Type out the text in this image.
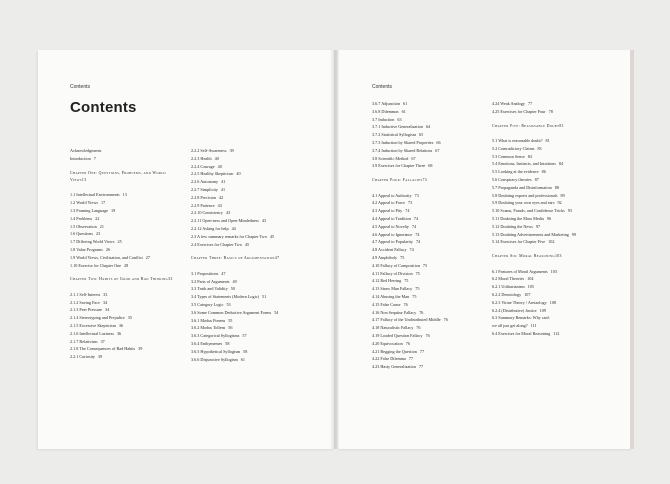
Contents	Contents
Contents
Acknowledgments
Introduction 7
Chapter One: Questions, Problems, and World Views13
1.1 Intellectual Environments 13
1.2 World Views 17
1.3 Framing Language 19
1.4 Problems 22
1.5 Observation 21
1.6 Questions 23
1.7 Differing World Views 25
1.8 Value Programs 26
1.9 World Views, Civilization, and Conflict 27
1.10 Exercise for Chapter One 28
Chapter Two: Habits of Good and Bad Thinking33
2.1.1 Self-Interest 33
2.1.2 Saving Face 34
2.1.3 Peer Pressure 34
2.1.4 Stereotyping and Prejudice 35
2.1.5 Excessive Skepticism 36
2.1.6 Intellectual Laziness 36
2.1.7 Relativism 37
2.1.8 The Consequences of Bad Habits 39
2.2.1 Curiosity 39
2.2.2 Self-Awareness 39
2.2.3 Health 40
2.2.4 Courage 40
2.2.5 Healthy Skepticism 40
2.2.6 Autonomy 41
2.2.7 Simplicity 41
2.2.8 Precision 42
2.2.9 Patience 43
2.2.10 Consistency 43
2.2.11 Open-ness and Open-Mindedness 43
2.2.12 Asking for help 44
2.3 A few summary remarks for Chapter Two 45
2.4 Exercises for Chapter Two 45
Chapter Three: Basics of Argumentation47
3.1 Propositions 47
3.2 Parts of Arguments 49
3.3 Truth and Validity 50
3.4 Types of Statements (Modern Logic) 51
3.5 Category Logic 53
3.6 Some Common Deductive Argument Forms 54
3.6.1 Modus Ponens 55
3.6.2 Modus Tollens 56
3.6.3 Categorical Syllogisms 57
3.6.4 Enthymemes 58
3.6.5 Hypothetical Syllogism 58
3.6.6 Disjunctive Syllogism 61
3.6.7 Adjunction 61
3.6.8 Dilemmas 61
3.7 Induction 63
3.7.1 Inductive Generalization 64
3.7.2 Statistical Syllogism 65
3.7.3 Induction by Shared Properties 66
3.7.4 Induction by Shared Relations 67
3.8 Scientific Method 67
3.9 Exercises for Chapter Three 68
Chapter Four: Fallacies73
4.1 Appeal to Authority 73
4.2 Appeal to Force 73
4.3 Appeal to Pity 74
4.4 Appeal to Tradition 74
4.5 Appeal to Novelty 74
4.6 Appeal to Ignorance 74
4.7 Appeal to Popularity 74
4.8 Accident Fallacy 74
4.9 Amphiboly 75
4.10 Fallacy of Composition 75
4.11 Fallacy of Division 75
4.12 Red Herring 75
4.13 Straw Man Fallacy 75
4.14 Abusing the Man 75
4.15 False Cause 76
4.16 Non Sequitur Fallacy 76
4.17 Fallacy of the Undistributed Middle 76
4.18 Naturalistic Fallacy 76
4.19 Loaded Question Fallacy 76
4.20 Equivocation 76
4.21 Begging the Question 77
4.22 False Dilemma 77
4.23 Hasty Generalization 77
4.24 Weak Analogy 77
4.25 Exercises for Chapter Four 78
Chapter Five: Reasonable Doubt81
5.1 What is reasonable doubt? 81
5.2 Contradictory Claims 83
5.3 Common Sense 84
5.4 Emotions, Instincts, and Intuitions 84
5.5 Looking at the evidence 86
5.6 Conspiracy theories 87
5.7 Propaganda and Disinformation 88
5.8 Doubting experts and professionals 89
5.9 Doubting your own eyes and ears 92
5.10 Scams, Frauds, and Confidence Tricks 93
5.11 Doubting the Mass Media 96
5.12 Doubting the News 97
5.13 Doubting Advertisements and Marketing 99
5.14 Exercises for Chapter Five 102
Chapter Six: Moral Reasoning103
6.1 Features of Moral Arguments 103
6.2 Moral Theories 104
6.2.1 Utilitarianism 105
6.2.2 Deontology 107
6.2.3 Virtue Theory / Aretaology 108
6.2.4 (Distributive) Justice 109
6.3 Summary Remarks: Why can't
we all just get along? 111
6.4 Exercises for Moral Reasoning 112
